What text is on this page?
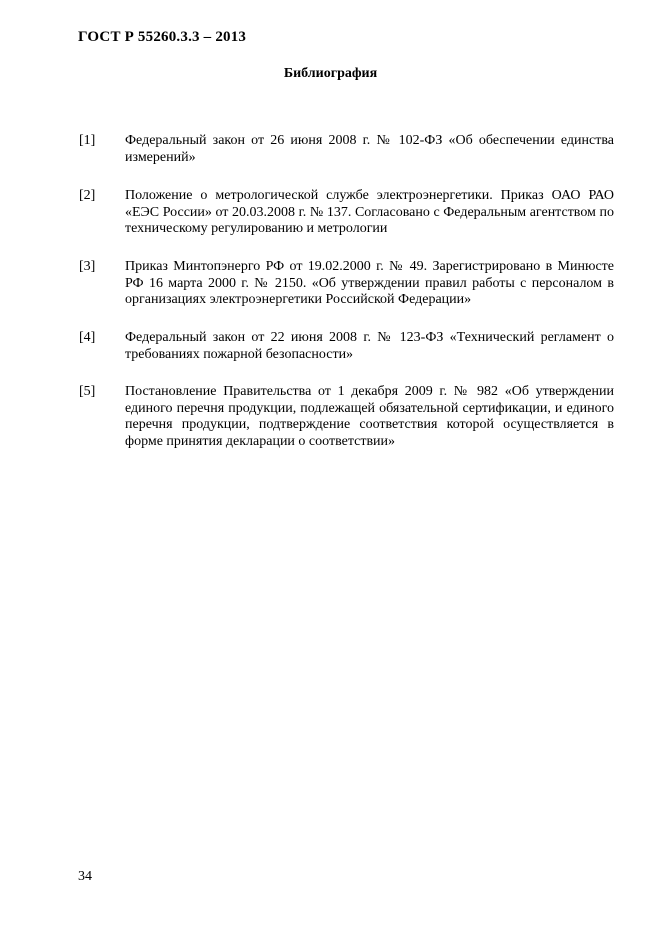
ГОСТ Р 55260.3.3 – 2013
Библиография
[1]	Федеральный закон от 26 июня 2008 г. № 102-ФЗ «Об обеспечении единства измерений»
[2]	Положение о метрологической службе электроэнергетики. Приказ ОАО РАО «ЕЭС России» от 20.03.2008 г. № 137. Согласовано с Федеральным агентством по техническому регулированию и метрологии
[3]	Приказ Минтопэнерго РФ от 19.02.2000 г. № 49. Зарегистрировано в Минюсте РФ 16 марта 2000 г. № 2150. «Об утверждении правил работы с персоналом в организациях электроэнергетики Российской Федерации»
[4]	Федеральный закон от 22 июня 2008 г. № 123-ФЗ «Технический регламент о требованиях пожарной безопасности»
[5]	Постановление Правительства от 1 декабря 2009 г. № 982 «Об утверждении единого перечня продукции, подлежащей обязательной сертификации, и единого перечня продукции, подтверждение соответствия которой осуществляется в форме принятия декларации о соответствии»
34
